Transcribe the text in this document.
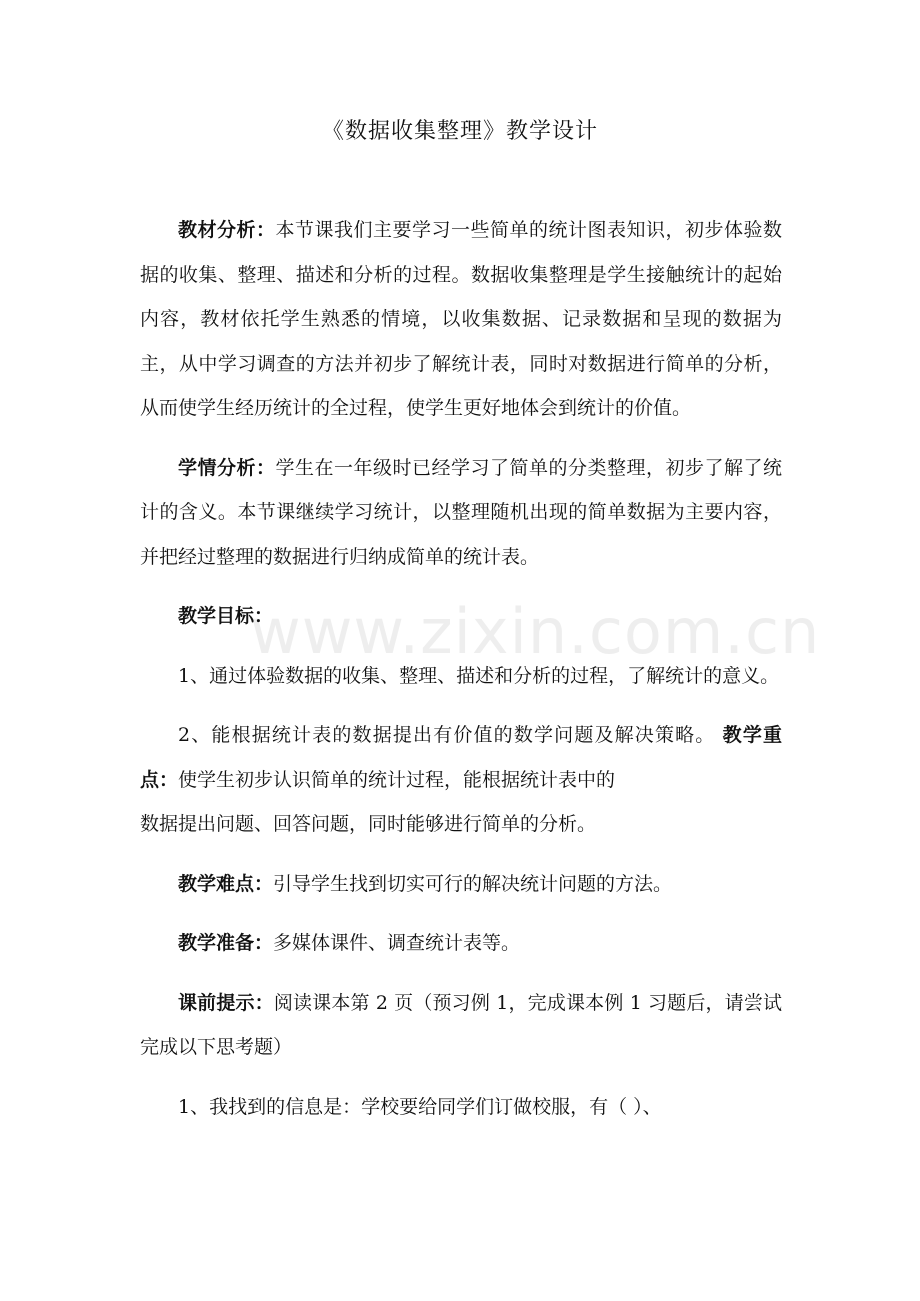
《数据收集整理》教学设计
www.zixin.com.cn

教材分析：本节课我们主要学习一些简单的统计图表知识，初步体验数据的收集、整理、描述和分析的过程。数据收集整理是学生接触统计的起始内容，教材依托学生熟悉的情境，以收集数据、记录数据和呈现的数据为主，从中学习调查的方法并初步了解统计表，同时对数据进行简单的分析，从而使学生经历统计的全过程，使学生更好地体会到统计的价值。

学情分析：学生在一年级时已经学习了简单的分类整理，初步了解了统计的含义。本节课继续学习统计，以整理随机出现的简单数据为主要内容，并把经过整理的数据进行归纳成简单的统计表。

教学目标：

1、通过体验数据的收集、整理、描述和分析的过程，了解统计的意义。

2、能根据统计表的数据提出有价值的数学问题及解决策略。 教学重点：使学生初步认识简单的统计过程，能根据统计表中的

数据提出问题、回答问题，同时能够进行简单的分析。

教学难点：引导学生找到切实可行的解决统计问题的方法。

教学准备：多媒体课件、调查统计表等。

课前提示：阅读课本第 2 页（预习例 1，完成课本例 1 习题后，请尝试完成以下思考题）

1、我找到的信息是：学校要给同学们订做校服，有（ ）、
